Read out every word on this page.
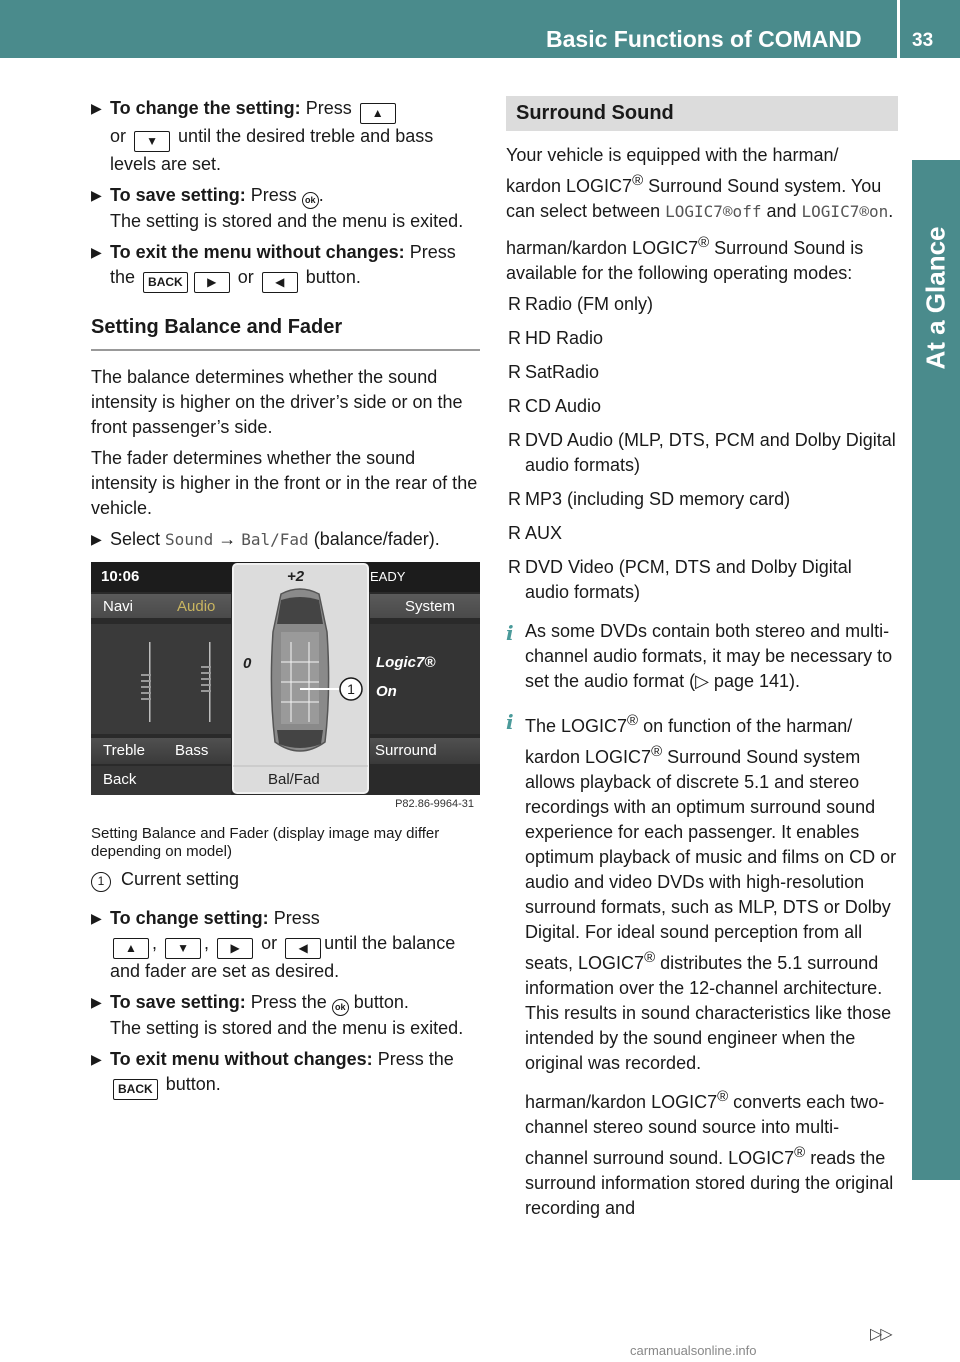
Basic Functions of COMAND	33
At a Glance
▶ To change the setting: Press ▲
or ▼ until the desired treble and bass levels are set.
▶ To save setting: Press ok .
The setting is stored and the menu is exited.
▶ To exit the menu without changes: Press the BACK ▶ or ◀ button.
Setting Balance and Fader

The balance determines whether the sound intensity is higher on the driver’s side or on the front passenger’s side.

The fader determines whether the sound intensity is higher in the front or in the rear of the vehicle.

▶ Select Sound → Bal/Fad (balance/fader).
10:06	EADY
Navi	Audio	System
+2
0
1
Logic7®
On
Treble Bass	Surround
Back	Bal/Fad
P82.86-9964-31
Setting Balance and Fader (display image may differ depending on model)
1 Current setting
▶ To change setting: Press
▲ , ▼ , ▶ or ◀ until the balance and fader are set as desired.
▶ To save setting: Press the ok button.
The setting is stored and the menu is exited.
▶ To exit menu without changes: Press the
BACK button.
Surround Sound

Your vehicle is equipped with the harman/ kardon LOGIC7® Surround Sound system. You can select between LOGIC7®off and LOGIC7®on.

harman/kardon LOGIC7® Surround Sound is available for the following operating modes:

R Radio (FM only)
R HD Radio
R SatRadio
R CD Audio
R DVD Audio (MLP, DTS, PCM and Dolby Digital audio formats)
R MP3 (including SD memory card)
R AUX
R DVD Video (PCM, DTS and Dolby Digital audio formats)
i As some DVDs contain both stereo and multi-channel audio formats, it may be necessary to set the audio format (▷ page 141).

i The LOGIC7® on function of the harman/ kardon LOGIC7® Surround Sound system allows playback of discrete 5.1 and stereo recordings with an optimum surround sound experience for each passenger. It enables optimum playback of music and films on CD or audio and video DVDs with high-resolution surround formats, such as MLP, DTS or Dolby Digital. For ideal sound perception from all seats, LOGIC7® distributes the 5.1 surround information over the 12-channel architecture. This results in sound characteristics like those intended by the sound engineer when the original was recorded.

harman/kardon LOGIC7® converts each two-channel stereo sound source into multi-channel surround sound. LOGIC7® reads the surround information stored during the original recording and

▷▷
carmanualsonline.info
